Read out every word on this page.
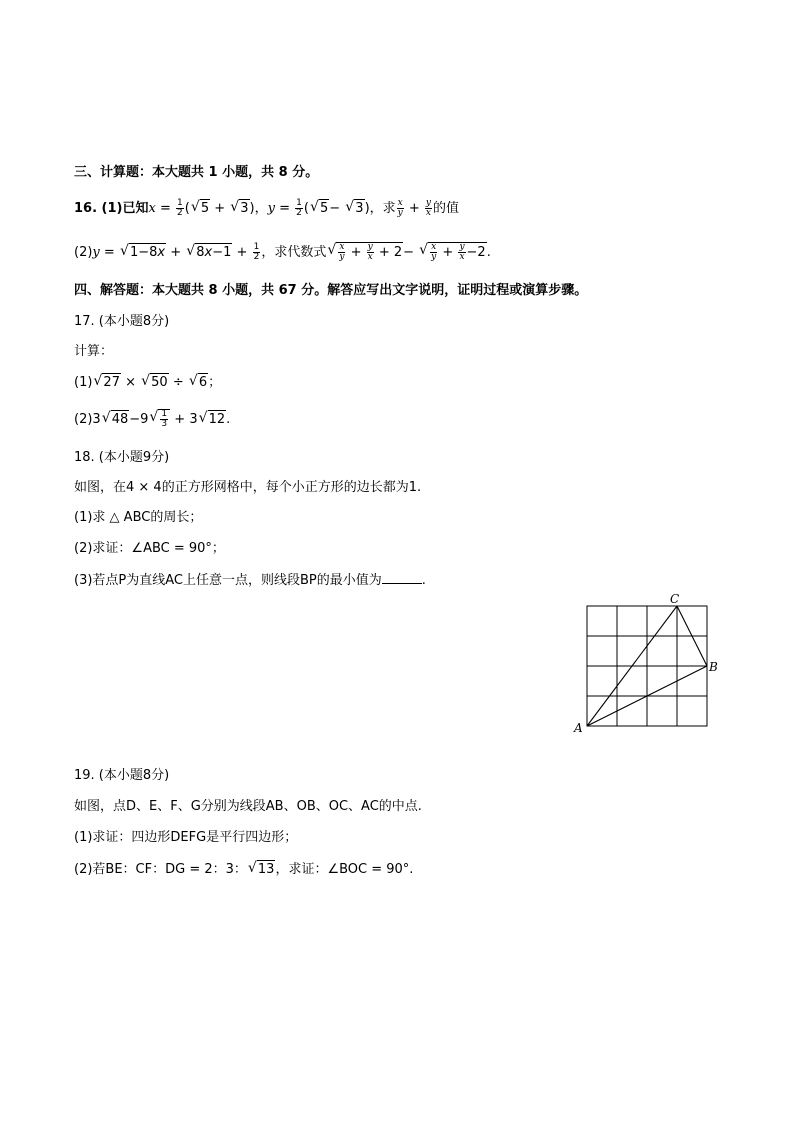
三、计算题：本大题共 1 小题，共 8 分。
16. (1)已知$x = \frac{1}{2}$ (√ 5 + √ 3)，$y = \frac{1}{2}$ (√ 5− √ 3)，求 $\frac{x}{y} + \frac{y}{x}$ 的值
(2)y = √ 1−8x + √ $8x-1 + \frac{1}{2}$ ，求代数式
√ $\frac{x}{y} + \frac{y}{x} + 2-$
√ $\frac{x}{y} + \frac{y}{x} -2$.
四、解答题：本大题共 8 小题，共 67 分。解答应写出文字说明，证明过程或演算步骤。
17. (本小题8分)
计算：
(1)√ 27 × √ 50 ÷ √ 6；
(2)3√ 48−9
√ $\frac{1}{3} + 3√$ 12.
18. (本小题9分)
如图，在4 × 4的正方形网格中，每个小正方形的边长都为1.
(1)求 △ ABC的周长；
(2)求证：∠ABC = 90°；
(3)若点P为直线AC上任意一点，则线段BP的最小值为	.
A
C
B
19. (本小题8分)
如图，点D、E、F、G分别为线段AB、OB、OC、AC的中点.
(1)求证：四边形DEFG是平行四边形；
(2)若BE：CF：DG = 2：3：√ 13，求证：∠BOC = 90°.
